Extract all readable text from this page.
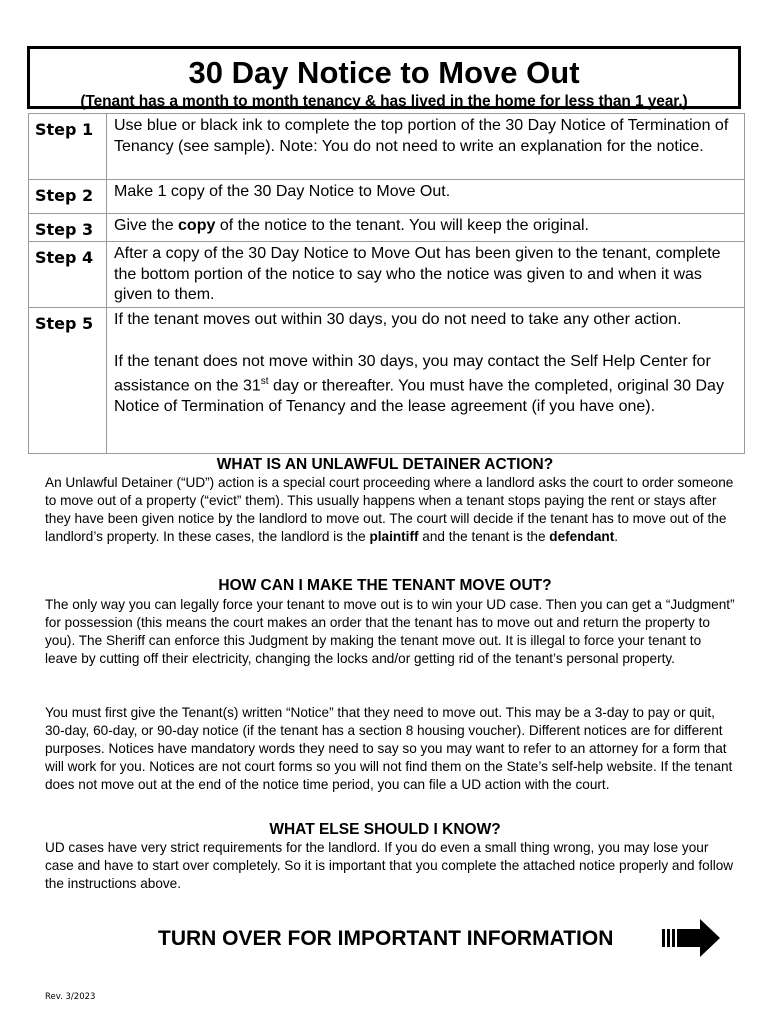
30 Day Notice to Move Out
(Tenant has a month to month tenancy & has lived in the home for less than 1 year.)
Step 1	Use blue or black ink to complete the top portion of the 30 Day Notice of Termination of Tenancy (see sample). Note: You do not need to write an explanation for the notice.
Step 2	Make 1 copy of the 30 Day Notice to Move Out.
Step 3	Give the copy of the notice to the tenant. You will keep the original.
Step 4	After a copy of the 30 Day Notice to Move Out has been given to the tenant, complete the bottom portion of the notice to say who the notice was given to and when it was given to them.
Step 5	If the tenant moves out within 30 days, you do not need to take any other action.
If the tenant does not move within 30 days, you may contact the Self Help Center for assistance on the 31st day or thereafter. You must have the completed, original 30 Day Notice of Termination of Tenancy and the lease agreement (if you have one).
WHAT IS AN UNLAWFUL DETAINER ACTION?
An Unlawful Detainer (“UD”) action is a special court proceeding where a landlord asks the court to order someone to move out of a property (“evict” them). This usually happens when a tenant stops paying the rent or stays after they have been given notice by the landlord to move out. The court will decide if the tenant has to move out of the landlord’s property. In these cases, the landlord is the plaintiff and the tenant is the defendant.
HOW CAN I MAKE THE TENANT MOVE OUT?
The only way you can legally force your tenant to move out is to win your UD case. Then you can get a “Judgment” for possession (this means the court makes an order that the tenant has to move out and return the property to you). The Sheriff can enforce this Judgment by making the tenant move out. It is illegal to force your tenant to leave by cutting off their electricity, changing the locks and/or getting rid of the tenant’s personal property.
You must first give the Tenant(s) written “Notice” that they need to move out. This may be a 3-day to pay or quit, 30-day, 60-day, or 90-day notice (if the tenant has a section 8 housing voucher). Different notices are for different purposes. Notices have mandatory words they need to say so you may want to refer to an attorney for a form that will work for you. Notices are not court forms so you will not find them on the State’s self-help website. If the tenant does not move out at the end of the notice time period, you can file a UD action with the court.
WHAT ELSE SHOULD I KNOW?
UD cases have very strict requirements for the landlord. If you do even a small thing wrong, you may lose your case and have to start over completely. So it is important that you complete the attached notice properly and follow the instructions above.
TURN OVER FOR IMPORTANT INFORMATION
Rev. 3/2023
